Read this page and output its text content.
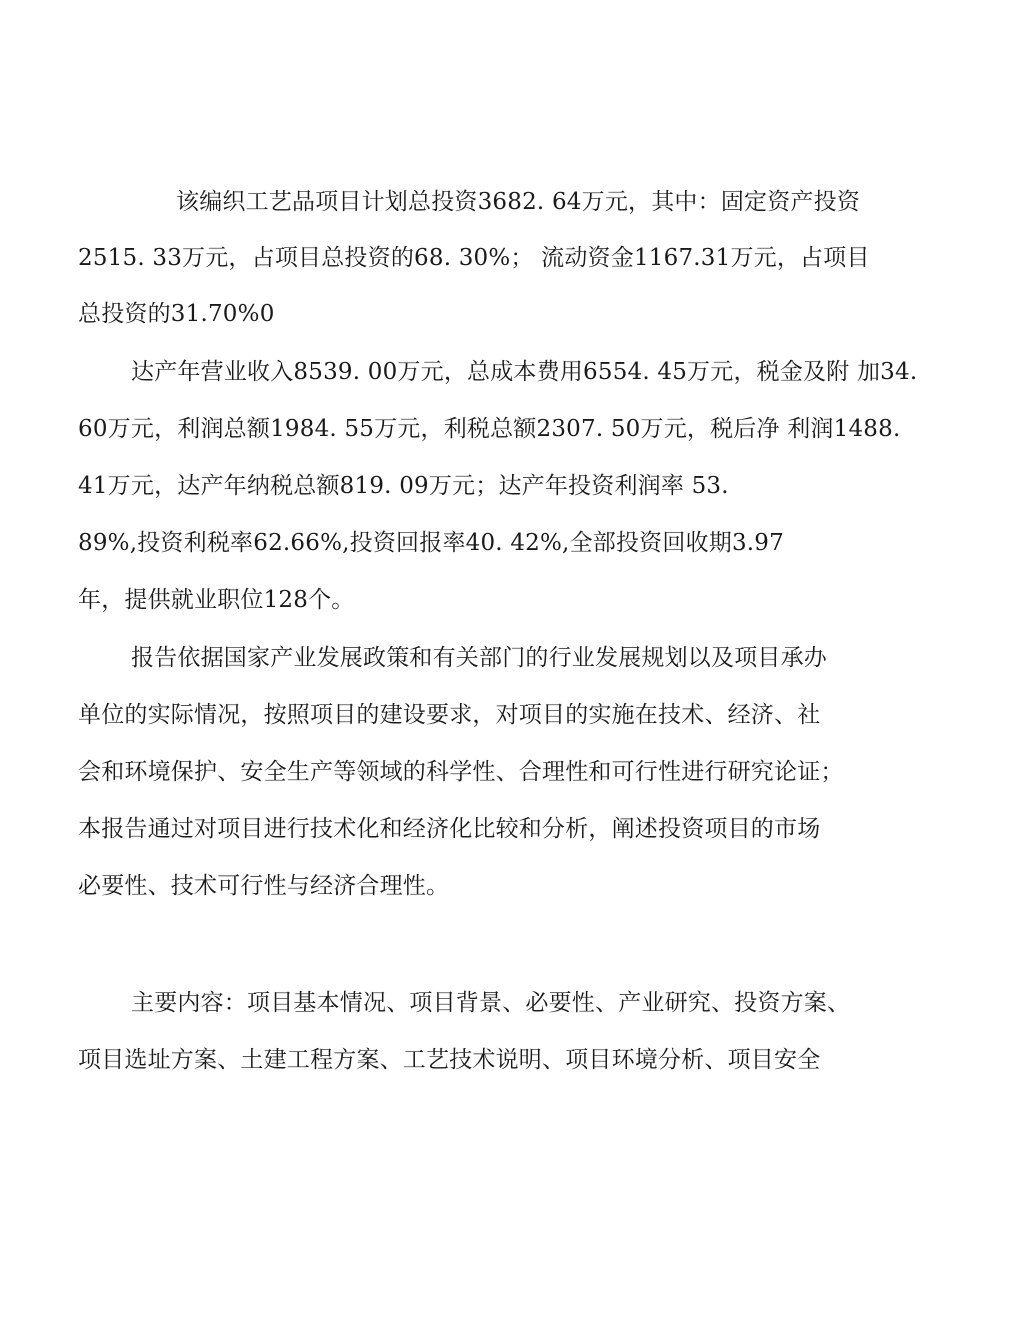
该编织工艺品项目计划总投资3682. 64万元，其中：固定资产投资
2515. 33万元，占项目总投资的68. 30%； 流动资金1167.31万元，占项目
总投资的31.70%0
达产年营业收入8539. 00万元，总成本费用6554. 45万元，税金及附 加34.
60万元，利润总额1984. 55万元，利税总额2307. 50万元，税后净 利润1488.
41万元，达产年纳税总额819. 09万元；达产年投资利润率 53.
89%,投资利税率62.66%,投资回报率40. 42%,全部投资回收期3.97
年，提供就业职位128个。
报告依据国家产业发展政策和有关部门的行业发展规划以及项目承办
单位的实际情况，按照项目的建设要求，对项目的实施在技术、经济、社
会和环境保护、安全生产等领域的科学性、合理性和可行性进行研究论证；
本报告通过对项目进行技术化和经济化比较和分析，阐述投资项目的市场
必要性、技术可行性与经济合理性。
主要内容：项目基本情况、项目背景、必要性、产业研究、投资方案、
项目选址方案、土建工程方案、工艺技术说明、项目环境分析、项目安全
